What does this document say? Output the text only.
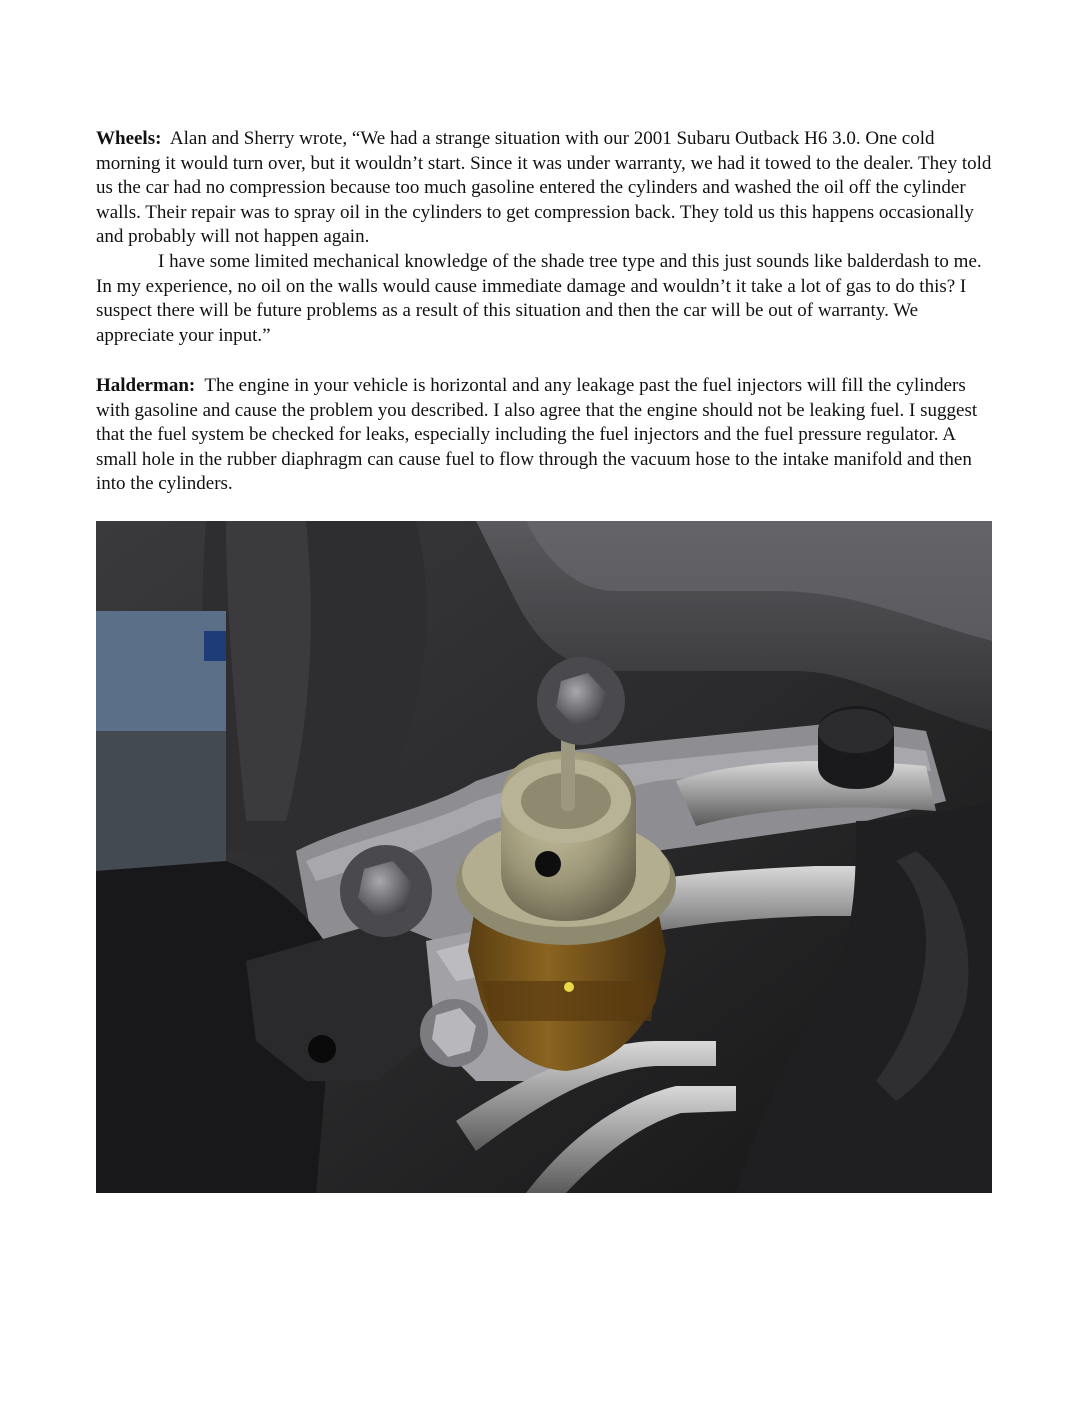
Wheels: Alan and Sherry wrote, “We had a strange situation with our 2001 Subaru Outback H6 3.0. One cold morning it would turn over, but it wouldn’t start. Since it was under warranty, we had it towed to the dealer. They told us the car had no compression because too much gasoline entered the cylinders and washed the oil off the cylinder walls. Their repair was to spray oil in the cylinders to get compression back. They told us this happens occasionally and probably will not happen again.

I have some limited mechanical knowledge of the shade tree type and this just sounds like balderdash to me. In my experience, no oil on the walls would cause immediate damage and wouldn’t it take a lot of gas to do this? I suspect there will be future problems as a result of this situation and then the car will be out of warranty. We appreciate your input.”

Halderman: The engine in your vehicle is horizontal and any leakage past the fuel injectors will fill the cylinders with gasoline and cause the problem you described. I also agree that the engine should not be leaking fuel. I suggest that the fuel system be checked for leaks, especially including the fuel injectors and the fuel pressure regulator. A small hole in the rubber diaphragm can cause fuel to flow through the vacuum hose to the intake manifold and then into the cylinders.
